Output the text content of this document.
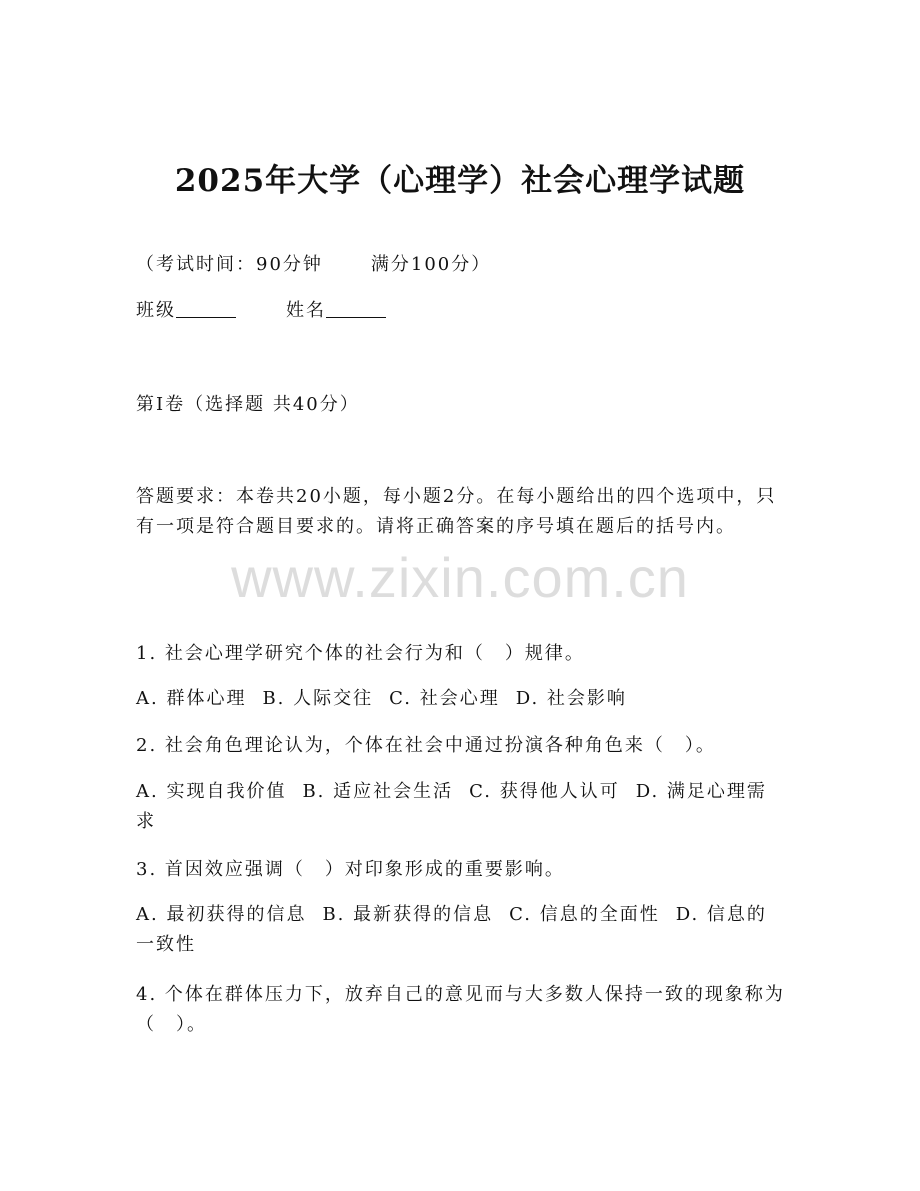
2025年大学（心理学）社会心理学试题
（考试时间：90分钟	满分100分）
班级	姓名
第I卷（选择题 共40分）
答题要求：本卷共20小题，每小题2分。在每小题给出的四个选项中，只有一项是符合题目要求的。请将正确答案的序号填在题后的括号内。
www.zixin.com.cn
1. 社会心理学研究个体的社会行为和（　）规律。
A. 群体心理 B. 人际交往 C. 社会心理 D. 社会影响
2. 社会角色理论认为，个体在社会中通过扮演各种角色来（　）。
A. 实现自我价值 B. 适应社会生活 C. 获得他人认可 D. 满足心理需求
3. 首因效应强调（　）对印象形成的重要影响。
A. 最初获得的信息 B. 最新获得的信息 C. 信息的全面性 D. 信息的一致性
4. 个体在群体压力下，放弃自己的意见而与大多数人保持一致的现象称为（　）。
